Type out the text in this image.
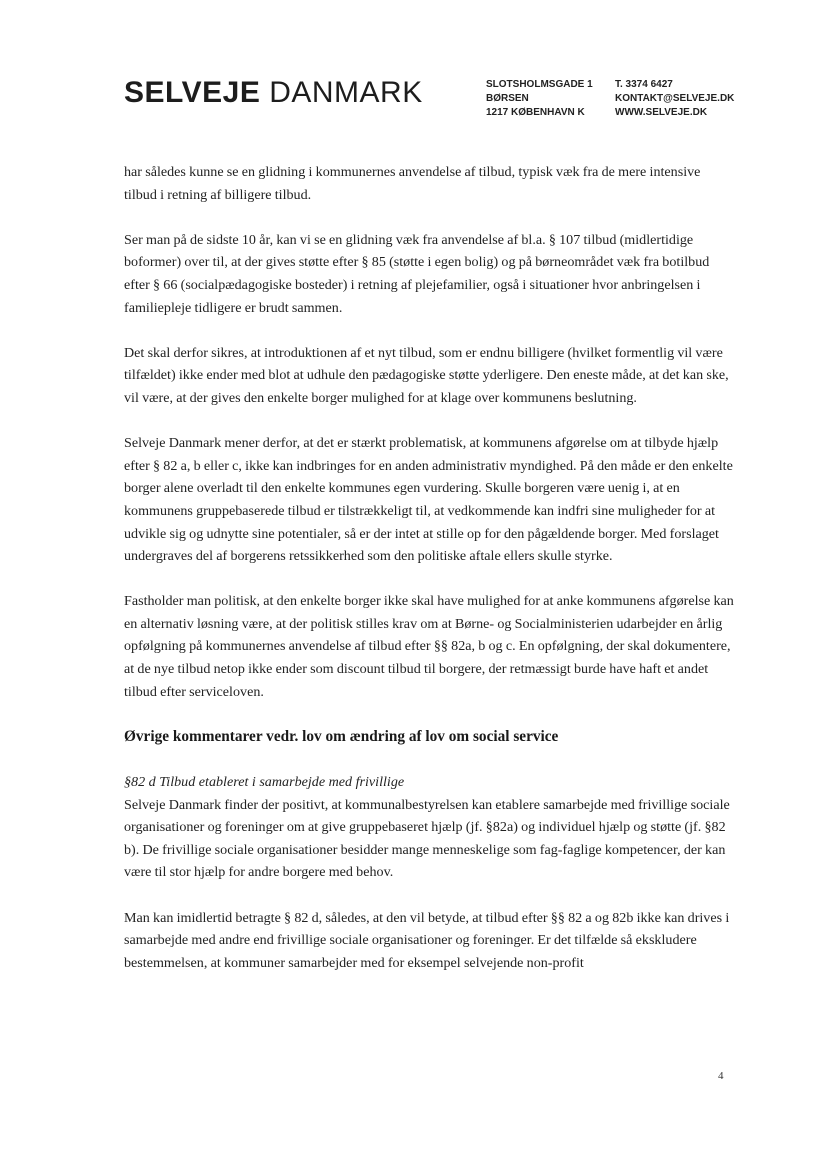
SELVEJE DANMARK	SLOTSHOLMSGADE 1
BØRSEN
1217 KØBENHAVN K
T. 3374 6427
KONTAKT@SELVEJE.DK
WWW.SELVEJE.DK

har således kunne se en glidning i kommunernes anvendelse af tilbud, typisk væk fra de mere intensive tilbud i retning af billigere tilbud.

Ser man på de sidste 10 år, kan vi se en glidning væk fra anvendelse af bl.a. § 107 tilbud (midlertidige boformer) over til, at der gives støtte efter § 85 (støtte i egen bolig) og på børneområdet væk fra botilbud efter § 66 (socialpædagogiske bosteder) i retning af plejefamilier, også i situationer hvor anbringelsen i familiepleje tidligere er brudt sammen.

Det skal derfor sikres, at introduktionen af et nyt tilbud, som er endnu billigere (hvilket formentlig vil være tilfældet) ikke ender med blot at udhule den pædagogiske støtte yderligere. Den eneste måde, at det kan ske, vil være, at der gives den enkelte borger mulighed for at klage over kommunens beslutning.

Selveje Danmark mener derfor, at det er stærkt problematisk, at kommunens afgørelse om at tilbyde hjælp efter § 82 a, b eller c, ikke kan indbringes for en anden administrativ myndighed. På den måde er den enkelte borger alene overladt til den enkelte kommunes egen vurdering. Skulle borgeren være uenig i, at en kommunens gruppebaserede tilbud er tilstrækkeligt til, at vedkommende kan indfri sine muligheder for at udvikle sig og udnytte sine potentialer, så er der intet at stille op for den pågældende borger. Med forslaget undergraves del af borgerens retssikkerhed som den politiske aftale ellers skulle styrke.

Fastholder man politisk, at den enkelte borger ikke skal have mulighed for at anke kommunens afgørelse kan en alternativ løsning være, at der politisk stilles krav om at Børne- og Socialministerien udarbejder en årlig opfølgning på kommunernes anvendelse af tilbud efter §§ 82a, b og c. En opfølgning, der skal dokumentere, at de nye tilbud netop ikke ender som discount tilbud til borgere, der retmæssigt burde have haft et andet tilbud efter serviceloven.

Øvrige kommentarer vedr. lov om ændring af lov om social service

§82 d Tilbud etableret i samarbejde med frivillige

Selveje Danmark finder der positivt, at kommunalbestyrelsen kan etablere samarbejde med frivillige sociale organisationer og foreninger om at give gruppebaseret hjælp (jf. §82a) og individuel hjælp og støtte (jf. §82 b). De frivillige sociale organisationer besidder mange menneskelige som fag-faglige kompetencer, der kan være til stor hjælp for andre borgere med behov.

Man kan imidlertid betragte § 82 d, således, at den vil betyde, at tilbud efter §§ 82 a og 82b ikke kan drives i samarbejde med andre end frivillige sociale organisationer og foreninger. Er det tilfælde så ekskludere bestemmelsen, at kommuner samarbejder med for eksempel selvejende non-profit

4
